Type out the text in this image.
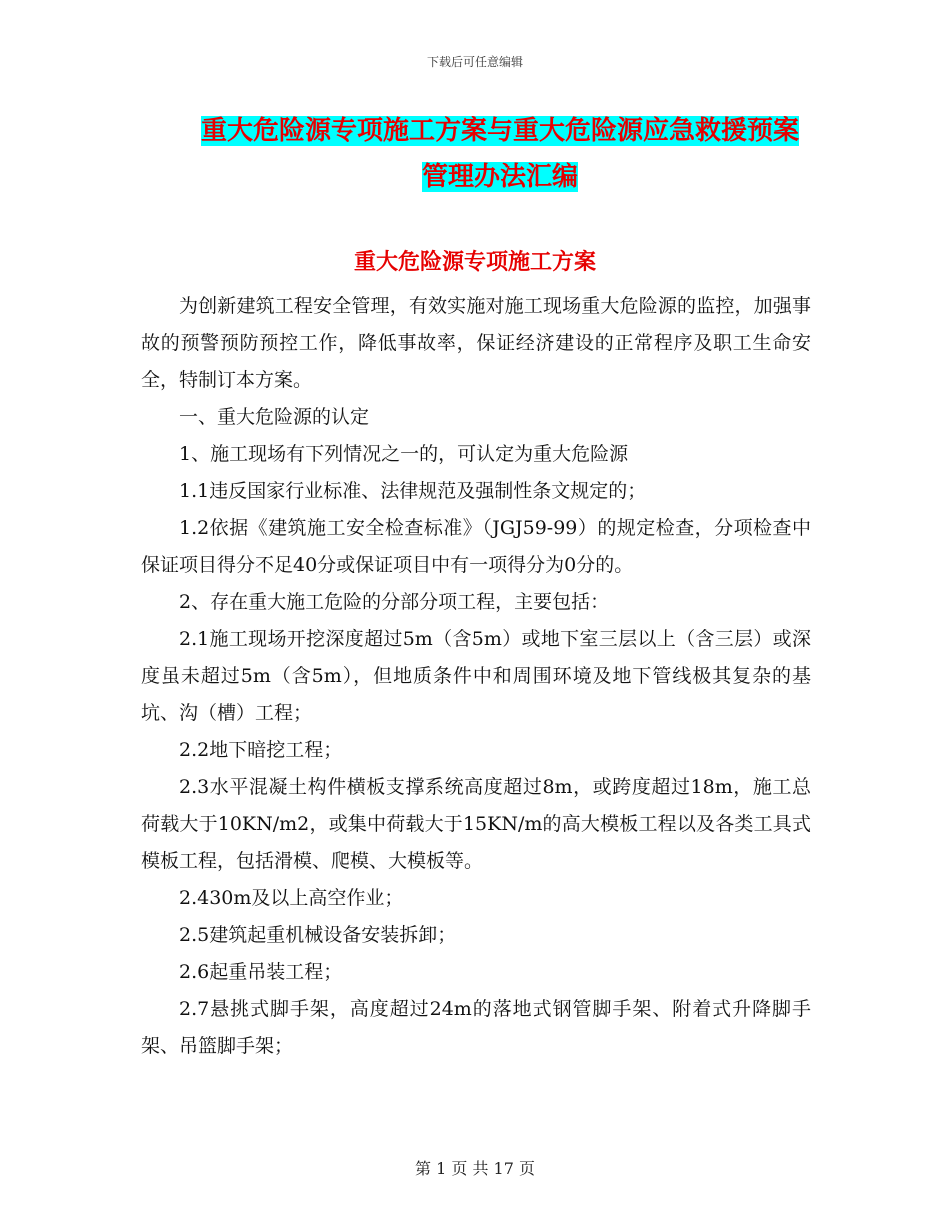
下载后可任意编辑
重大危险源专项施工方案与重大危险源应急救援预案
管理办法汇编
重大危险源专项施工方案

为创新建筑工程安全管理，有效实施对施工现场重大危险源的监控，加强事故的预警预防预控工作，降低事故率，保证经济建设的正常程序及职工生命安全，特制订本方案。

一、重大危险源的认定

1、施工现场有下列情况之一的，可认定为重大危险源

1.1违反国家行业标准、法律规范及强制性条文规定的；

1.2依据《建筑施工安全检查标准》（JGJ59-99）的规定检查，分项检查中保证项目得分不足40分或保证项目中有一项得分为0分的。

2、存在重大施工危险的分部分项工程，主要包括：

2.1施工现场开挖深度超过5m（含5m）或地下室三层以上（含三层）或深度虽未超过5m（含5m），但地质条件中和周围环境及地下管线极其复杂的基坑、沟（槽）工程；

2.2地下暗挖工程；

2.3水平混凝土构件横板支撑系统高度超过8m，或跨度超过18m，施工总荷载大于10KN/m2，或集中荷载大于15KN/m的高大模板工程以及各类工具式模板工程，包括滑模、爬模、大模板等。

2.430m及以上高空作业；

2.5建筑起重机械设备安装拆卸；

2.6起重吊装工程；

2.7悬挑式脚手架，高度超过24m的落地式钢管脚手架、附着式升降脚手架、吊篮脚手架；

第 1 页 共 17 页
